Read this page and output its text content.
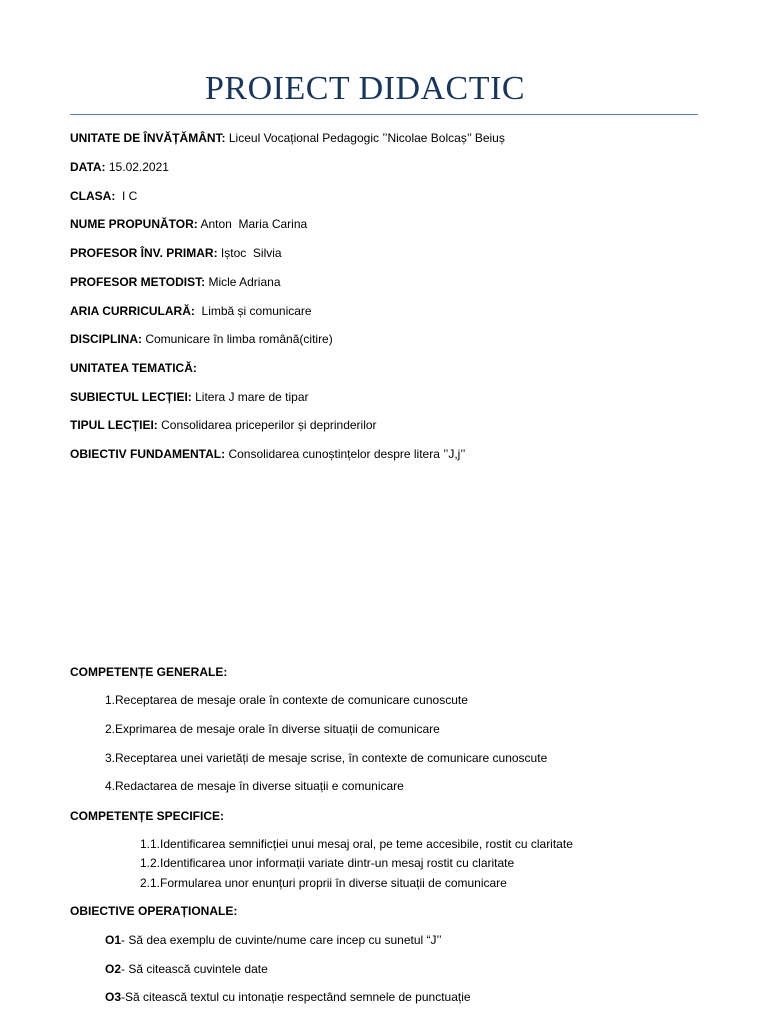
PROIECT DIDACTIC
UNITATE DE ÎNVĂȚĂMÂNT: Liceul Vocațional Pedagogic ’’Nicolae Bolcaș’’ Beiuș
DATA: 15.02.2021
CLASA:  I C
NUME PROPUNĂTOR: Anton  Maria Carina
PROFESOR ÎNV. PRIMAR: Iștoc  Silvia
PROFESOR METODIST: Micle Adriana
ARIA CURRICULARĂ:  Limbă și comunicare
DISCIPLINA: Comunicare în limba română(citire)
UNITATEA TEMATICĂ:
SUBIECTUL LECȚIEI: Litera J mare de tipar
TIPUL LECȚIEI: Consolidarea priceperilor și deprinderilor
OBIECTIV FUNDAMENTAL: Consolidarea cunoștințelor despre litera ’’J,j’’
COMPETENȚE GENERALE:
1.Receptarea de mesaje orale în contexte de comunicare cunoscute
2.Exprimarea de mesaje orale în diverse situații de comunicare
3.Receptarea unei varietăți de mesaje scrise, în contexte de comunicare cunoscute
4.Redactarea de mesaje în diverse situații e comunicare
COMPETENȚE SPECIFICE:
1.1.Identificarea semnificției unui mesaj oral, pe teme accesibile, rostit cu claritate
1.2.Identificarea unor informații variate dintr-un mesaj rostit cu claritate
2.1.Formularea unor enunțuri proprii în diverse situații de comunicare
OBIECTIVE OPERAȚIONALE:
O1- Să dea exemplu de cuvinte/nume care incep cu sunetul “J’’
O2- Să citească cuvintele date
O3-Să citească textul cu intonație respectând semnele de punctuație
